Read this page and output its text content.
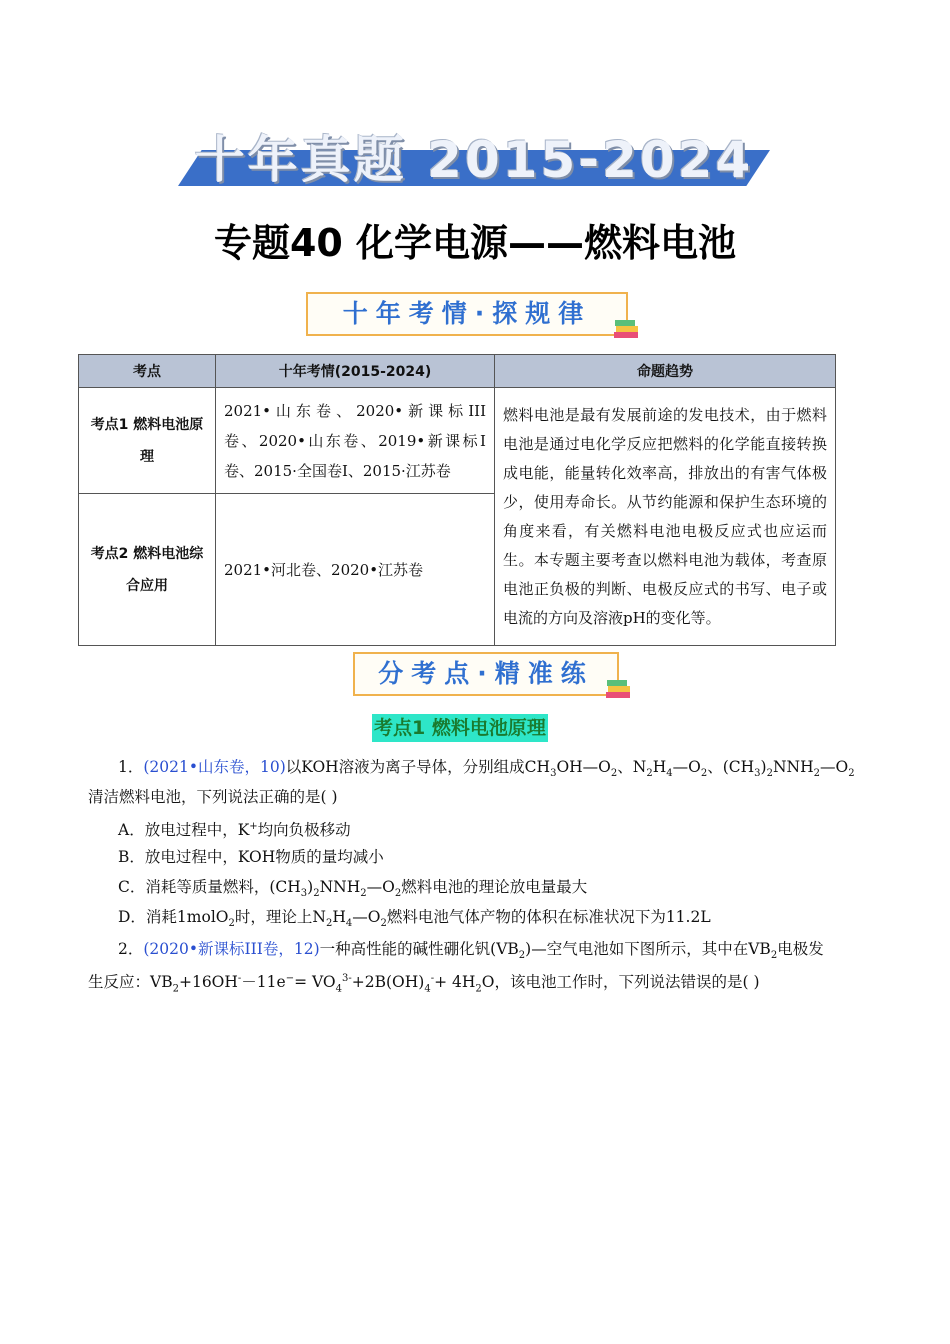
十年真题 2015-2024
专题40 化学电源——燃料电池
十年考情·探规律
考点	十年考情(2015-2024)	命题趋势
考点1 燃料电池原理	2021• 山 东 卷 、 2020• 新 课 标 III 卷、2020•山东卷、2019•新课标Ⅰ卷、2015·全国卷Ⅰ、2015·江苏卷	燃料电池是最有发展前途的发电技术，由于燃料电池是通过电化学反应把燃料的化学能直接转换成电能，能量转化效率高，排放出的有害气体极少，使用寿命长。从节约能源和保护生态环境的角度来看，有关燃料电池电极反应式也应运而生。本专题主要考查以燃料电池为载体，考查原电池正负极的判断、电极反应式的书写、电子或电流的方向及溶液pH的变化等。
考点2 燃料电池综合应用	2021•河北卷、2020•江苏卷	
分考点·精准练
考点1 燃料电池原理
1．(2021•山东卷，10)以KOH溶液为离子导体，分别组成$CH_3OH—O_2$、$N_2H_4—O_2$、$(CH_3)_2NNH_2—O_2$
清洁燃料电池，下列说法正确的是( )
A．放电过程中，K+均向负极移动
B．放电过程中，KOH物质的量均减小
C．消耗等质量燃料，$(CH_3)_2NNH_2—O_2$燃料电池的理论放电量最大
D．消耗1molO$_2$时，理论上$N_2H_4—O_2$燃料电池气体产物的体积在标准状况下为11.2L
2．(2020•新课标III卷，12)一种高性能的碱性硼化钒$(VB_2)—$空气电池如下图所示，其中在$VB_2$电极发
生反应：$VB_2+16OH^--11e^-= VO_4^{3-}+2B(OH)_4^-+ 4H_2O$，该电池工作时，下列说法错误的是( )
